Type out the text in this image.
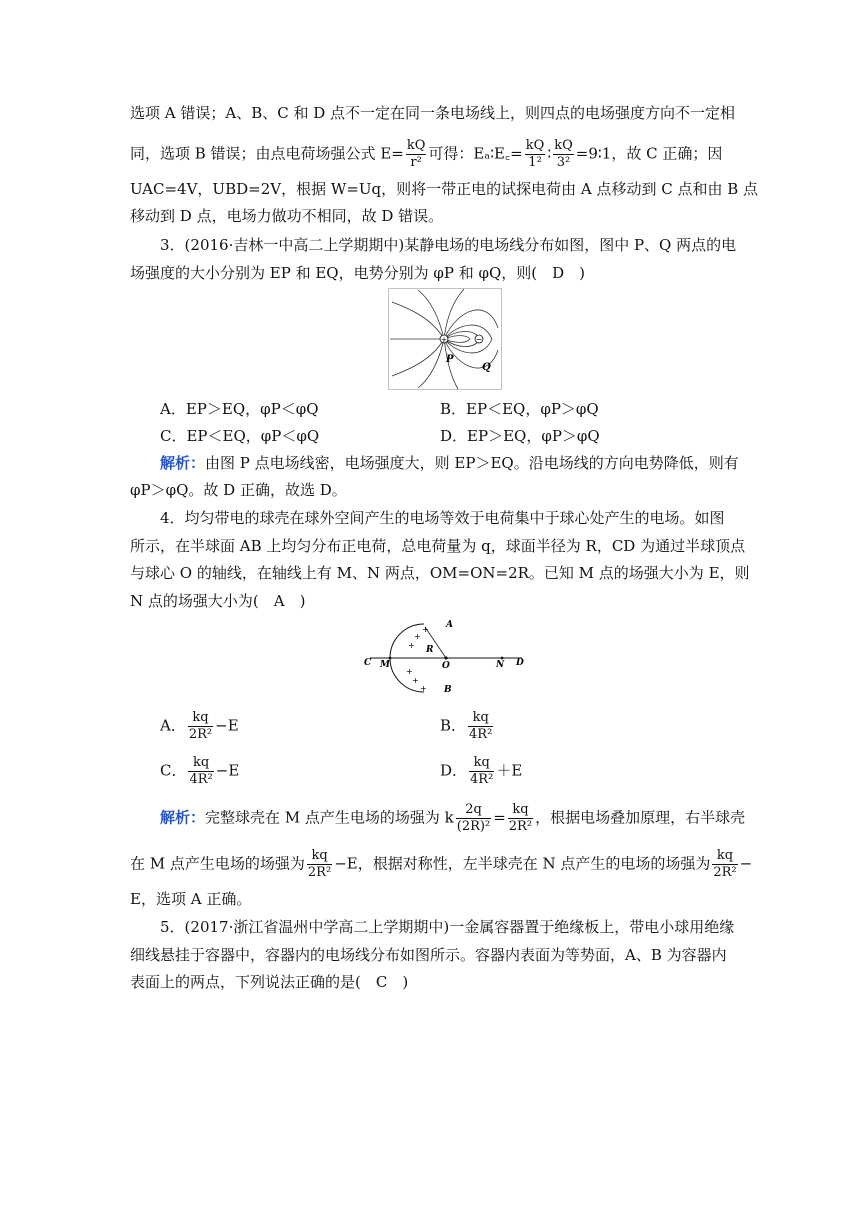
选项 A 错误；A、B、C 和 D 点不一定在同一条电场线上，则四点的电场强度方向不一定相
同，选项 B 错误；由点电荷场强公式 $E= \frac{kQ}{\text{r²}}$ 可得：Eₐ∶E꜀= $\frac{kQ}{\text{1²}}$ ∶ $\frac{kQ}{\text{3²}}$ =9∶1，故 C 正确；因
UAC=4V，UBD=2V，根据 W=Uq，则将一带正电的试探电荷由 A 点移动到 C 点和由 B 点
移动到 D 点，电场力做功不相同，故 D 错误。
3．(2016·吉林一中高二上学期期中)某静电场的电场线分布如图，图中 P、Q 两点的电
场强度的大小分别为 EP 和 EQ，电势分别为 φP 和 φQ，则(　D　)
+	−
P
Q
A．EP＞EQ，φP＜φQ	B．EP＜EQ，φP＞φQ
C．EP＜EQ，φP＜φQ	D．EP＞EQ，φP＞φQ
解析：由图 P 点电场线密，电场强度大，则 EP＞EQ。沿电场线的方向电势降低，则有
φP＞φQ。故 D 正确，故选 D。
4．均匀带电的球壳在球外空间产生的电场等效于电荷集中于球心处产生的电场。如图
所示，在半球面 AB 上均匀分布正电荷，总电荷量为 q，球面半径为 R，CD 为通过半球顶点
与球心 O 的轴线，在轴线上有 M、N 两点，OM=ON=2R。已知 M 点的场强大小为 E，则
N 点的场强大小为(　A　)
+
+
+
+
+
+
A
B
C	D
M	N
O
R
A． $\frac{kq}{\text{2R²}} -E$	B． $\frac{kq}{\text{4R²}}$
C． $\frac{kq}{\text{4R²}} -E$	D． $\frac{kq}{\text{4R²}} +E$
解析：完整球壳在 M 点产生电场的场强为 k $\frac{2q}{\text{(2R)²}} = \frac{kq}{\text{2R²}}$ ，根据电场叠加原理，右半球壳
在 M 点产生电场的场强为 $\frac{kq}{\text{2R²}} -E$，根据对称性，左半球壳在 N 点产生的电场的场强为 $\frac{kq}{\text{2R²}}$ −
E，选项 A 正确。
5．(2017·浙江省温州中学高二上学期期中)一金属容器置于绝缘板上，带电小球用绝缘
细线悬挂于容器中，容器内的电场线分布如图所示。容器内表面为等势面，A、B 为容器内
表面上的两点，下列说法正确的是(　C　)
